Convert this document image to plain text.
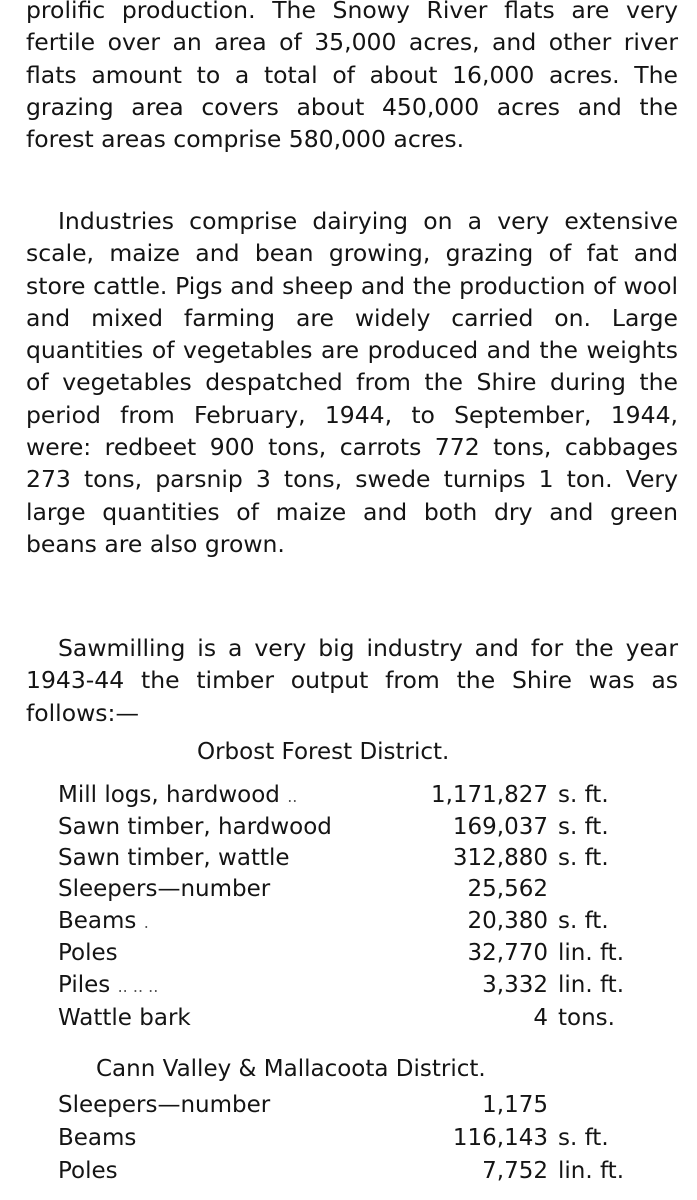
prolific production. The Snowy River flats are very fertile over an area of 35,000 acres, and other river flats amount to a total of about 16,000 acres. The grazing area covers about 450,000 acres and the forest areas comprise 580,000 acres.

Industries comprise dairying on a very extensive scale, maize and bean growing, grazing of fat and store cattle. Pigs and sheep and the production of wool and mixed farming are widely carried on. Large quantities of vegetables are produced and the weights of vegetables despatched from the Shire during the period from February, 1944, to September, 1944, were: redbeet 900 tons, carrots 772 tons, cabbages 273 tons, parsnip 3 tons, swede turnips 1 ton. Very large quantities of maize and both dry and green beans are also grown.

Sawmilling is a very big industry and for the year 1943-44 the timber output from the Shire was as follows:—

Orbost Forest District.
Mill logs, hardwood ..	1,171,827 s. ft.
Sawn timber, hardwood	169,037 s. ft.
Sawn timber, wattle	312,880 s. ft.
Sleepers—number	25,562
Beams .	20,380 s. ft.
Poles	32,770 lin. ft.
Piles .. .. ..	3,332 lin. ft.
Wattle bark	4 tons.
Cann Valley & Mallacoota District.
Sleepers—number	1,175
Beams	116,143 s. ft.
Poles	7,752 lin. ft.
